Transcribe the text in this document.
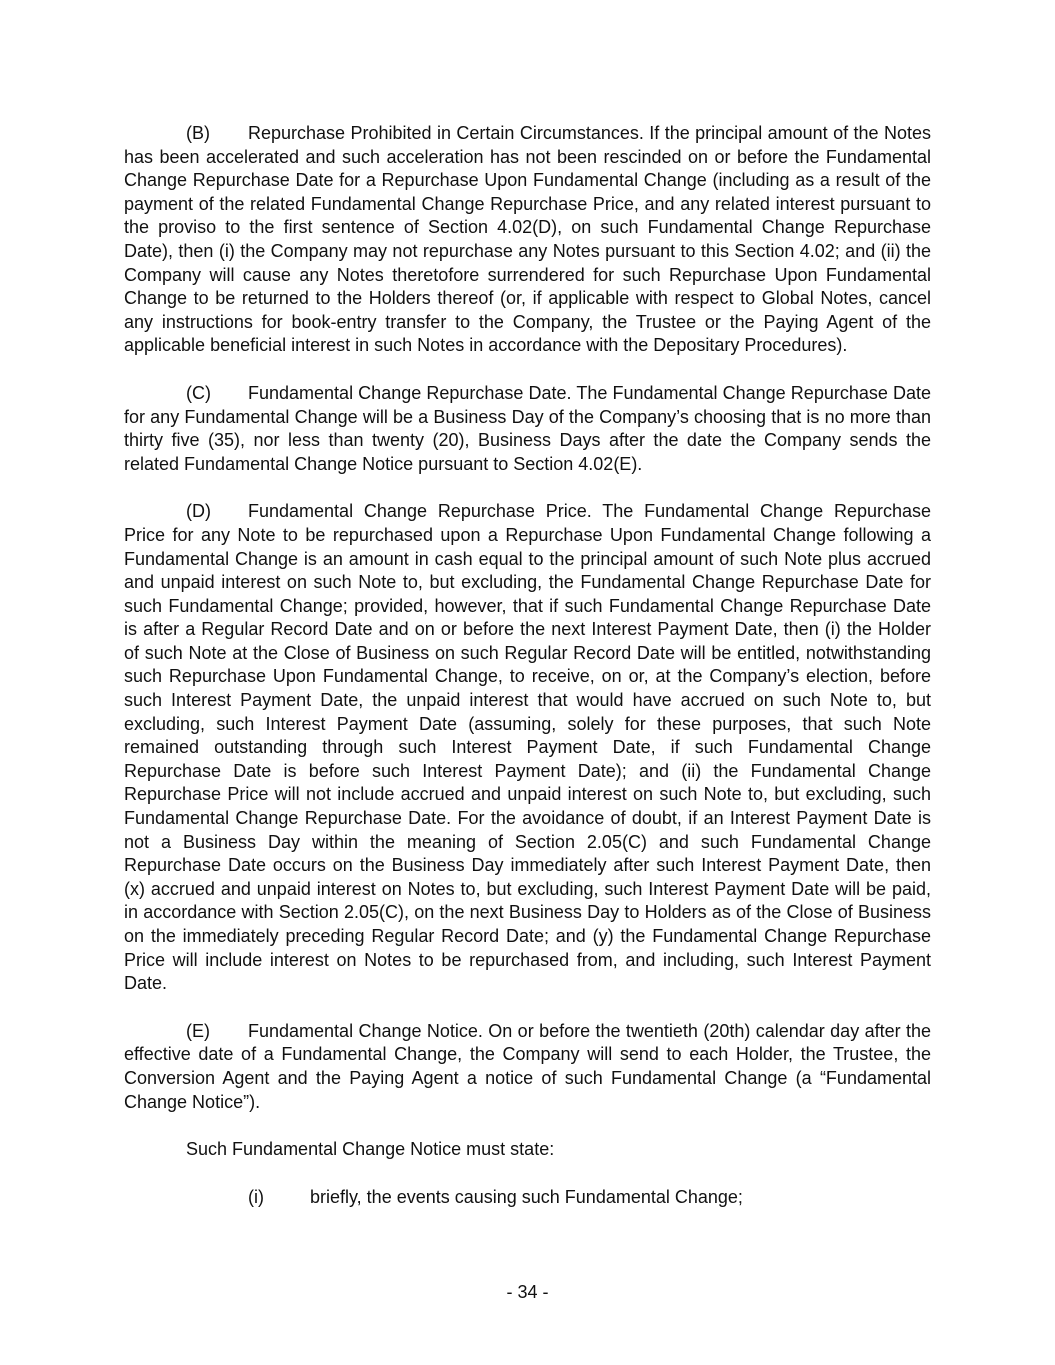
(B) Repurchase Prohibited in Certain Circumstances. If the principal amount of the Notes has been accelerated and such acceleration has not been rescinded on or before the Fundamental Change Repurchase Date for a Repurchase Upon Fundamental Change (including as a result of the payment of the related Fundamental Change Repurchase Price, and any related interest pursuant to the proviso to the first sentence of Section 4.02(D), on such Fundamental Change Repurchase Date), then (i) the Company may not repurchase any Notes pursuant to this Section 4.02; and (ii) the Company will cause any Notes theretofore surrendered for such Repurchase Upon Fundamental Change to be returned to the Holders thereof (or, if applicable with respect to Global Notes, cancel any instructions for book-entry transfer to the Company, the Trustee or the Paying Agent of the applicable beneficial interest in such Notes in accordance with the Depositary Procedures).

(C) Fundamental Change Repurchase Date. The Fundamental Change Repurchase Date for any Fundamental Change will be a Business Day of the Company’s choosing that is no more than thirty five (35), nor less than twenty (20), Business Days after the date the Company sends the related Fundamental Change Notice pursuant to Section 4.02(E).

(D) Fundamental Change Repurchase Price. The Fundamental Change Repurchase Price for any Note to be repurchased upon a Repurchase Upon Fundamental Change following a Fundamental Change is an amount in cash equal to the principal amount of such Note plus accrued and unpaid interest on such Note to, but excluding, the Fundamental Change Repurchase Date for such Fundamental Change; provided, however, that if such Fundamental Change Repurchase Date is after a Regular Record Date and on or before the next Interest Payment Date, then (i) the Holder of such Note at the Close of Business on such Regular Record Date will be entitled, notwithstanding such Repurchase Upon Fundamental Change, to receive, on or, at the Company’s election, before such Interest Payment Date, the unpaid interest that would have accrued on such Note to, but excluding, such Interest Payment Date (assuming, solely for these purposes, that such Note remained outstanding through such Interest Payment Date, if such Fundamental Change Repurchase Date is before such Interest Payment Date); and (ii) the Fundamental Change Repurchase Price will not include accrued and unpaid interest on such Note to, but excluding, such Fundamental Change Repurchase Date. For the avoidance of doubt, if an Interest Payment Date is not a Business Day within the meaning of Section 2.05(C) and such Fundamental Change Repurchase Date occurs on the Business Day immediately after such Interest Payment Date, then (x) accrued and unpaid interest on Notes to, but excluding, such Interest Payment Date will be paid, in accordance with Section 2.05(C), on the next Business Day to Holders as of the Close of Business on the immediately preceding Regular Record Date; and (y) the Fundamental Change Repurchase Price will include interest on Notes to be repurchased from, and including, such Interest Payment Date.

(E) Fundamental Change Notice. On or before the twentieth (20th) calendar day after the effective date of a Fundamental Change, the Company will send to each Holder, the Trustee, the Conversion Agent and the Paying Agent a notice of such Fundamental Change (a “Fundamental Change Notice”).

Such Fundamental Change Notice must state:

(i)	briefly, the events causing such Fundamental Change;
- 34 -
